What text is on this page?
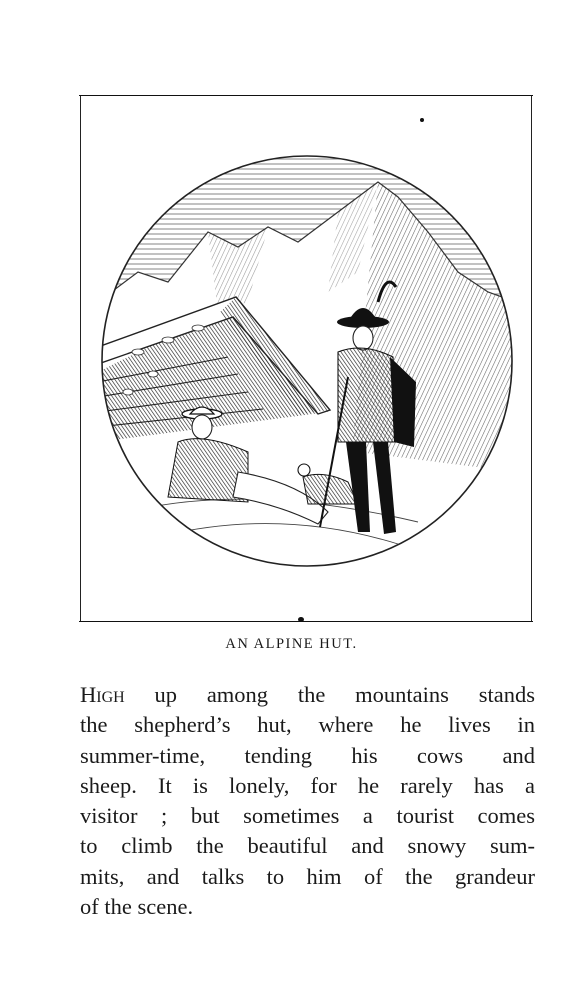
AN ALPINE HUT.
High up among the mountains stands
the shepherd’s hut, where he lives in
summer-time, tending his cows and
sheep. It is lonely, for he rarely has a
visitor ; but sometimes a tourist comes
to climb the beautiful and snowy sum-
mits, and talks to him of the grandeur
of the scene.
